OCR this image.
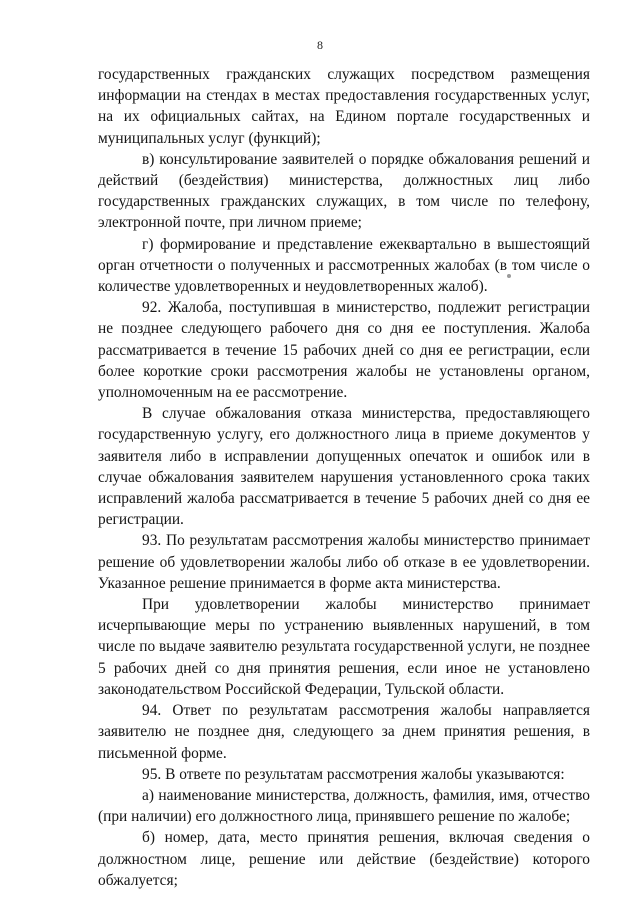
8

государственных гражданских служащих посредством размещения информации на стендах в местах предоставления государственных услуг, на их официальных сайтах, на Едином портале государственных и муниципальных услуг (функций);

в) консультирование заявителей о порядке обжалования решений и действий (бездействия) министерства, должностных лиц либо государственных гражданских служащих, в том числе по телефону, электронной почте, при личном приеме;

г) формирование и представление ежеквартально в вышестоящий орган отчетности о полученных и рассмотренных жалобах (в том числе о количестве удовлетворенных и неудовлетворенных жалоб).

92. Жалоба, поступившая в министерство, подлежит регистрации не позднее следующего рабочего дня со дня ее поступления. Жалоба рассматривается в течение 15 рабочих дней со дня ее регистрации, если более короткие сроки рассмотрения жалобы не установлены органом, уполномоченным на ее рассмотрение.

В случае обжалования отказа министерства, предоставляющего государственную услугу, его должностного лица в приеме документов у заявителя либо в исправлении допущенных опечаток и ошибок или в случае обжалования заявителем нарушения установленного срока таких исправлений жалоба рассматривается в течение 5 рабочих дней со дня ее регистрации.

93. По результатам рассмотрения жалобы министерство принимает решение об удовлетворении жалобы либо об отказе в ее удовлетворении. Указанное решение принимается в форме акта министерства.

При удовлетворении жалобы министерство принимает исчерпывающие меры по устранению выявленных нарушений, в том числе по выдаче заявителю результата государственной услуги, не позднее 5 рабочих дней со дня принятия решения, если иное не установлено законодательством Российской Федерации, Тульской области.

94. Ответ по результатам рассмотрения жалобы направляется заявителю не позднее дня, следующего за днем принятия решения, в письменной форме.

95. В ответе по результатам рассмотрения жалобы указываются:

а) наименование министерства, должность, фамилия, имя, отчество (при наличии) его должностного лица, принявшего решение по жалобе;

б) номер, дата, место принятия решения, включая сведения о должностном лице, решение или действие (бездействие) которого обжалуется;
